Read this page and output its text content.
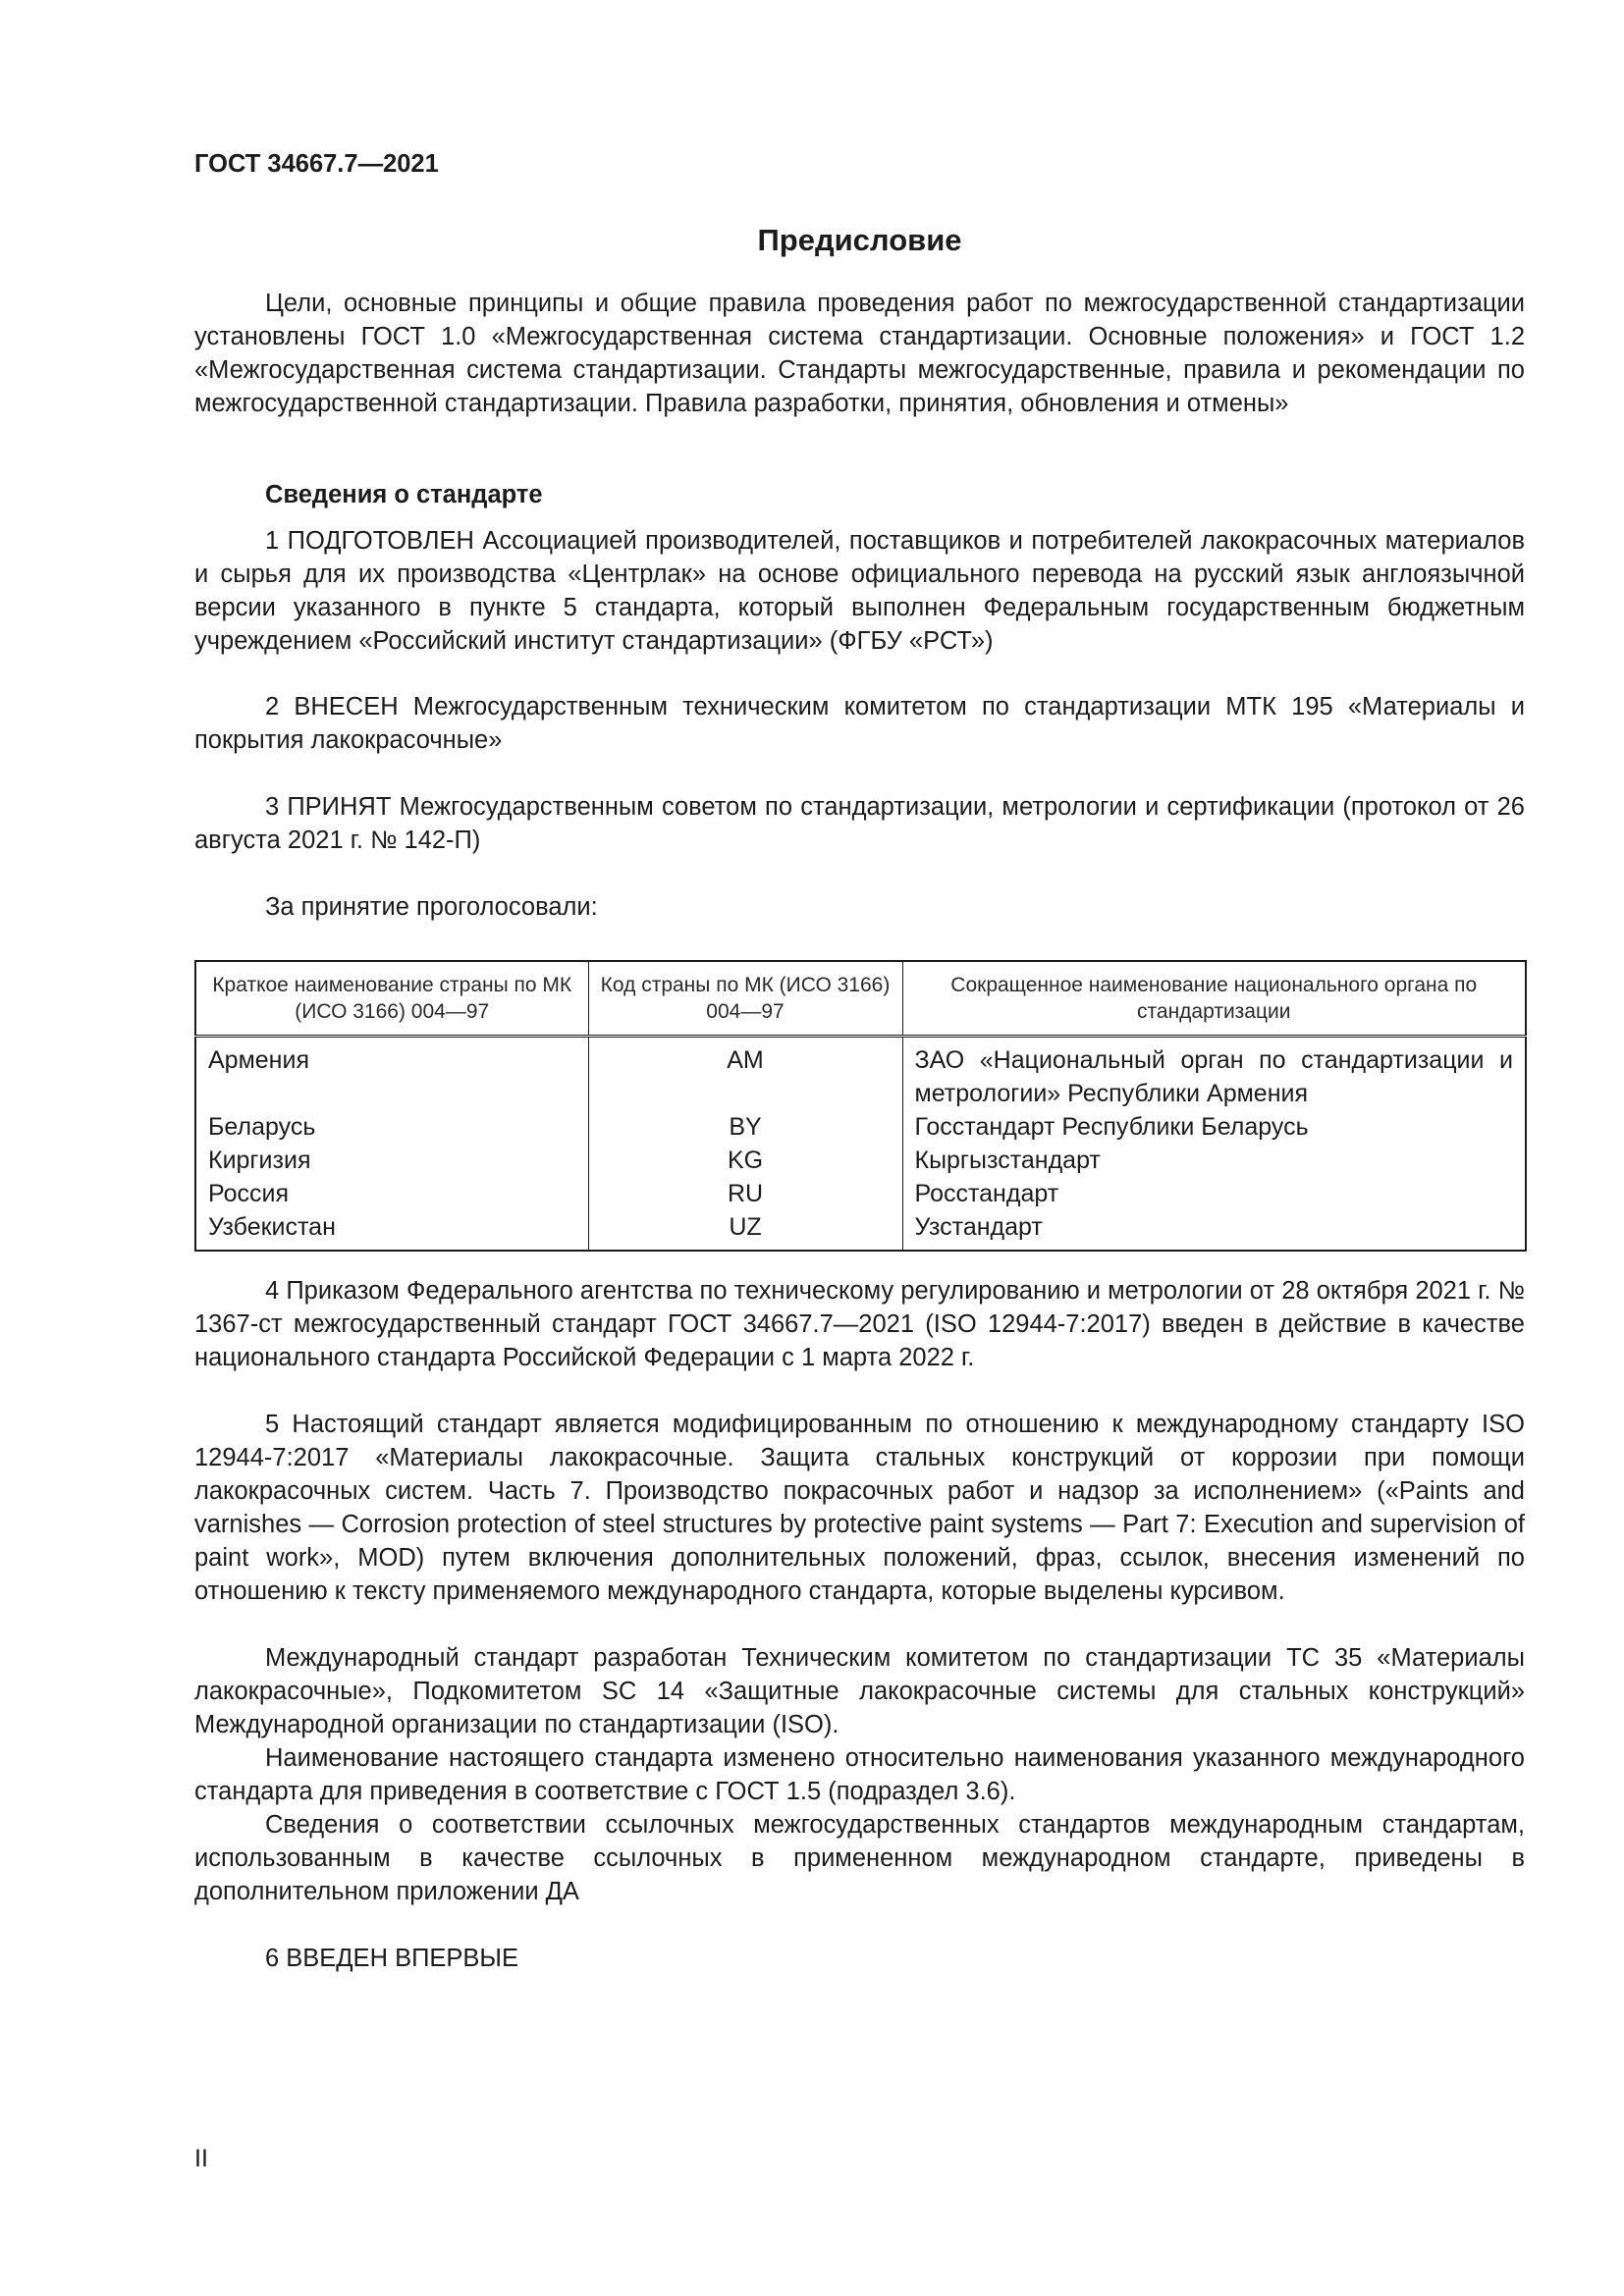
ГОСТ 34667.7—2021
Предисловие

Цели, основные принципы и общие правила проведения работ по межгосударственной стандартизации установлены ГОСТ 1.0 «Межгосударственная система стандартизации. Основные положения» и ГОСТ 1.2 «Межгосударственная система стандартизации. Стандарты межгосударственные, правила и рекомендации по межгосударственной стандартизации. Правила разработки, принятия, обновления и отмены»

Сведения о стандарте

1 ПОДГОТОВЛЕН Ассоциацией производителей, поставщиков и потребителей лакокрасочных материалов и сырья для их производства «Центрлак» на основе официального перевода на русский язык англоязычной версии указанного в пункте 5 стандарта, который выполнен Федеральным государственным бюджетным учреждением «Российский институт стандартизации» (ФГБУ «РСТ»)

2 ВНЕСЕН Межгосударственным техническим комитетом по стандартизации МТК 195 «Материалы и покрытия лакокрасочные»

3 ПРИНЯТ Межгосударственным советом по стандартизации, метрологии и сертификации (протокол от 26 августа 2021 г. № 142-П)

За принятие проголосовали:

Краткое наименование страны по МК (ИСО 3166) 004—97	Код страны по МК (ИСО 3166) 004—97	Сокращенное наименование национального органа по стандартизации
Армения	AM	ЗАО «Национальный орган по стандартизации и метрологии» Республики Армения
Беларусь	BY	Госстандарт Республики Беларусь
Киргизия	KG	Кыргызстандарт
Россия	RU	Росстандарт
Узбекистан	UZ	Узстандарт

4 Приказом Федерального агентства по техническому регулированию и метрологии от 28 октября 2021 г. № 1367-ст межгосударственный стандарт ГОСТ 34667.7—2021 (ISO 12944-7:2017) введен в действие в качестве национального стандарта Российской Федерации с 1 марта 2022 г.

5 Настоящий стандарт является модифицированным по отношению к международному стандарту ISO 12944-7:2017 «Материалы лакокрасочные. Защита стальных конструкций от коррозии при помощи лакокрасочных систем. Часть 7. Производство покрасочных работ и надзор за исполнением» («Paints and varnishes — Corrosion protection of steel structures by protective paint systems — Part 7: Execution and supervision of paint work», MOD) путем включения дополнительных положений, фраз, ссылок, внесения изменений по отношению к тексту применяемого международного стандарта, которые выделены курсивом.

Международный стандарт разработан Техническим комитетом по стандартизации TC 35 «Материалы лакокрасочные», Подкомитетом SC 14 «Защитные лакокрасочные системы для стальных конструкций» Международной организации по стандартизации (ISO).

Наименование настоящего стандарта изменено относительно наименования указанного международного стандарта для приведения в соответствие с ГОСТ 1.5 (подраздел 3.6).

Сведения о соответствии ссылочных межгосударственных стандартов международным стандартам, использованным в качестве ссылочных в примененном международном стандарте, приведены в дополнительном приложении ДА

6 ВВЕДЕН ВПЕРВЫЕ

II
